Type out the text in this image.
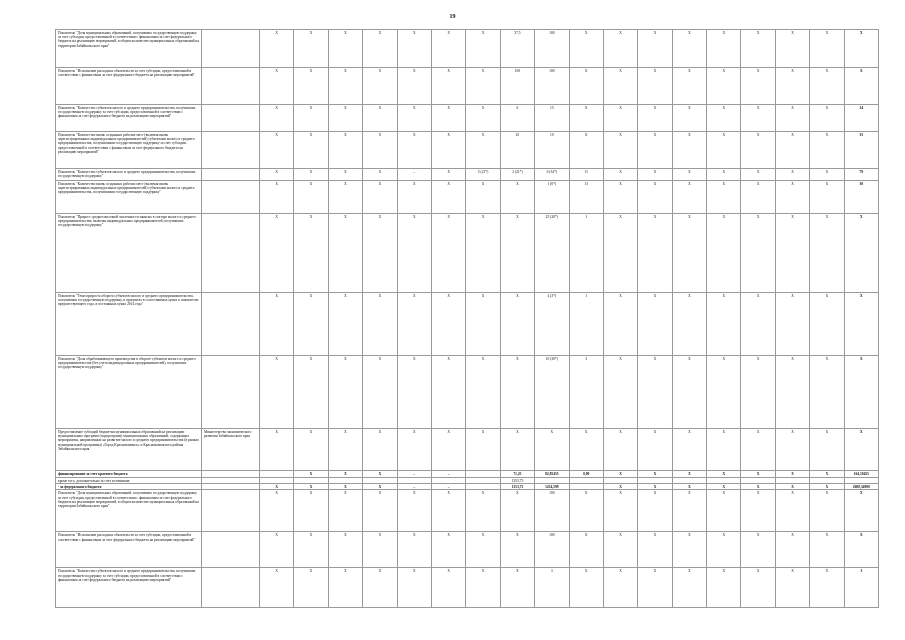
19
Показатель "Доля муниципальных образований, получивших государственную поддержку за счет субсидии, предоставленной в соответствии с финансовым за счет федерального бюджета на реализацию мероприятий, в общем количестве муниципальных образований на территории Забайкальского края"		X	X	X	X	X	X	X	37,5	100	X	X	X	X	X	X	X	X	X
Показатель "Исполнение расходных обязательств за счет субсидии, предоставленной в соответствии с финансовым за счет федерального бюджета на реализацию мероприятий"		X	X	X	X	X	X	X	100	100	X	X	X	X	X	X	X	X	X
Показатель "Количество субъектов малого и среднего предпринимательства, получивших государственную поддержку за счет субсидии, предоставленной в соответствии с финансовым за счет федерального бюджета на реализацию мероприятий"		X	X	X	X	X	X	X	6	15	X	X	X	X	X	X	X	X	24
Показатель "Количество вновь созданных рабочих мест (включая вновь зарегистрированных индивидуальных предпринимателей) субъектами малого и среднего предпринимательства, получившими государственную поддержку за счет субсидии, предоставленной в соответствии с финансовым за счет федерального бюджета на реализацию мероприятий"		X	X	X	X	X	X	X	25	10	X	X	X	X	X	X	X	X	35
Показатель "Количество субъектов малого и среднего предпринимательства, получивших государственную поддержку"		X	X	X	X	–	X	5 (21*)	2 (21*)	6 (34*)	11	X	X	X	X	X	X	X	79
Показатель "Количество вновь созданных рабочих мест (включая вновь зарегистрированных индивидуальных предпринимателей) субъектами малого и среднего предпринимательства, получившими государственную поддержку"		X	X	X	X	X	X	X	X	1 (6*)	13	X	X	X	X	X	X	X	30
Показатель "Прирост среднесписочной численности занятых в секторе малого и среднего предпринимательства, включая индивидуальных предпринимателей, получивших государственную поддержку"		X	X	X	X	X	X	X	X	25 (20*)	1	X	X	X	X	X	X	X	X
Показатель "Темп прироста оборота субъектов малого и среднего предпринимательства, получивших государственную поддержку, в процентах в сопоставимых ценах к показателю предшествующего года, в постоянных ценах 2014 года"		X	X	X	X	X	X	X	X	4 (3*)	1	X	X	X	X	X	X	X	X
Показатель "Доля обрабатывающего производства в обороте субъектов малого и среднего предпринимательства (без учета индивидуальных предпринимателей), получивших государственную поддержку"		X	X	X	X	X	X	X	X	10 (30*)	3	X	X	X	X	X	X	X	X
Предоставление субсидий бюджетам муниципальных образований на реализацию муниципальных программ (подпрограмм) муниципальных образований, содержащих мероприятия, направленных на развитие малого и среднего предпринимательства (в рамках муниципальной программы) «Город Краснокаменск» и Краснокаменского района Забайкальского края	Министерство экономического развития Забайкальского края	X	X	X	X	X	X	X	X	X	X	X	X	X	X	X	X	X	X
финансирование за счет краевого бюджета			X	X	X	–	–		71,25	82,85455	0,00	X	X	X	X	X	X	X	164,10455
кроме того, дополнительно за счет источников:									1353,75										
- за федерального бюджета		X	X	X	X	–	–		1353,75	1254,599		X	X	X	X	X	X	X	2608,34900
Показатель "Доля муниципальных образований, получивших государственную поддержку за счет субсидии, предоставленной в соответствии с финансовым за счет федерального бюджета на реализацию мероприятий, в общем количестве муниципальных образований на территории Забайкальского края"		X	X	X	X	X	X	X	X	100	X	X	X	X	X	X	X	X	X
Показатель "Исполнение расходных обязательств за счет субсидии, предоставленной в соответствии с финансовым за счет федерального бюджета на реализацию мероприятий"		X	X	X	X	X	X	X	X	100	X	X	X	X	X	X	X	X	X
Показатель "Количество субъектов малого и среднего предпринимательства, получивших государственную поддержку за счет субсидии, предоставленной в соответствии с финансовым за счет федерального бюджета на реализацию мероприятий"		X	X	X	X	X	X	X	X	3	X	X	X	X	X	X	X	X	3
